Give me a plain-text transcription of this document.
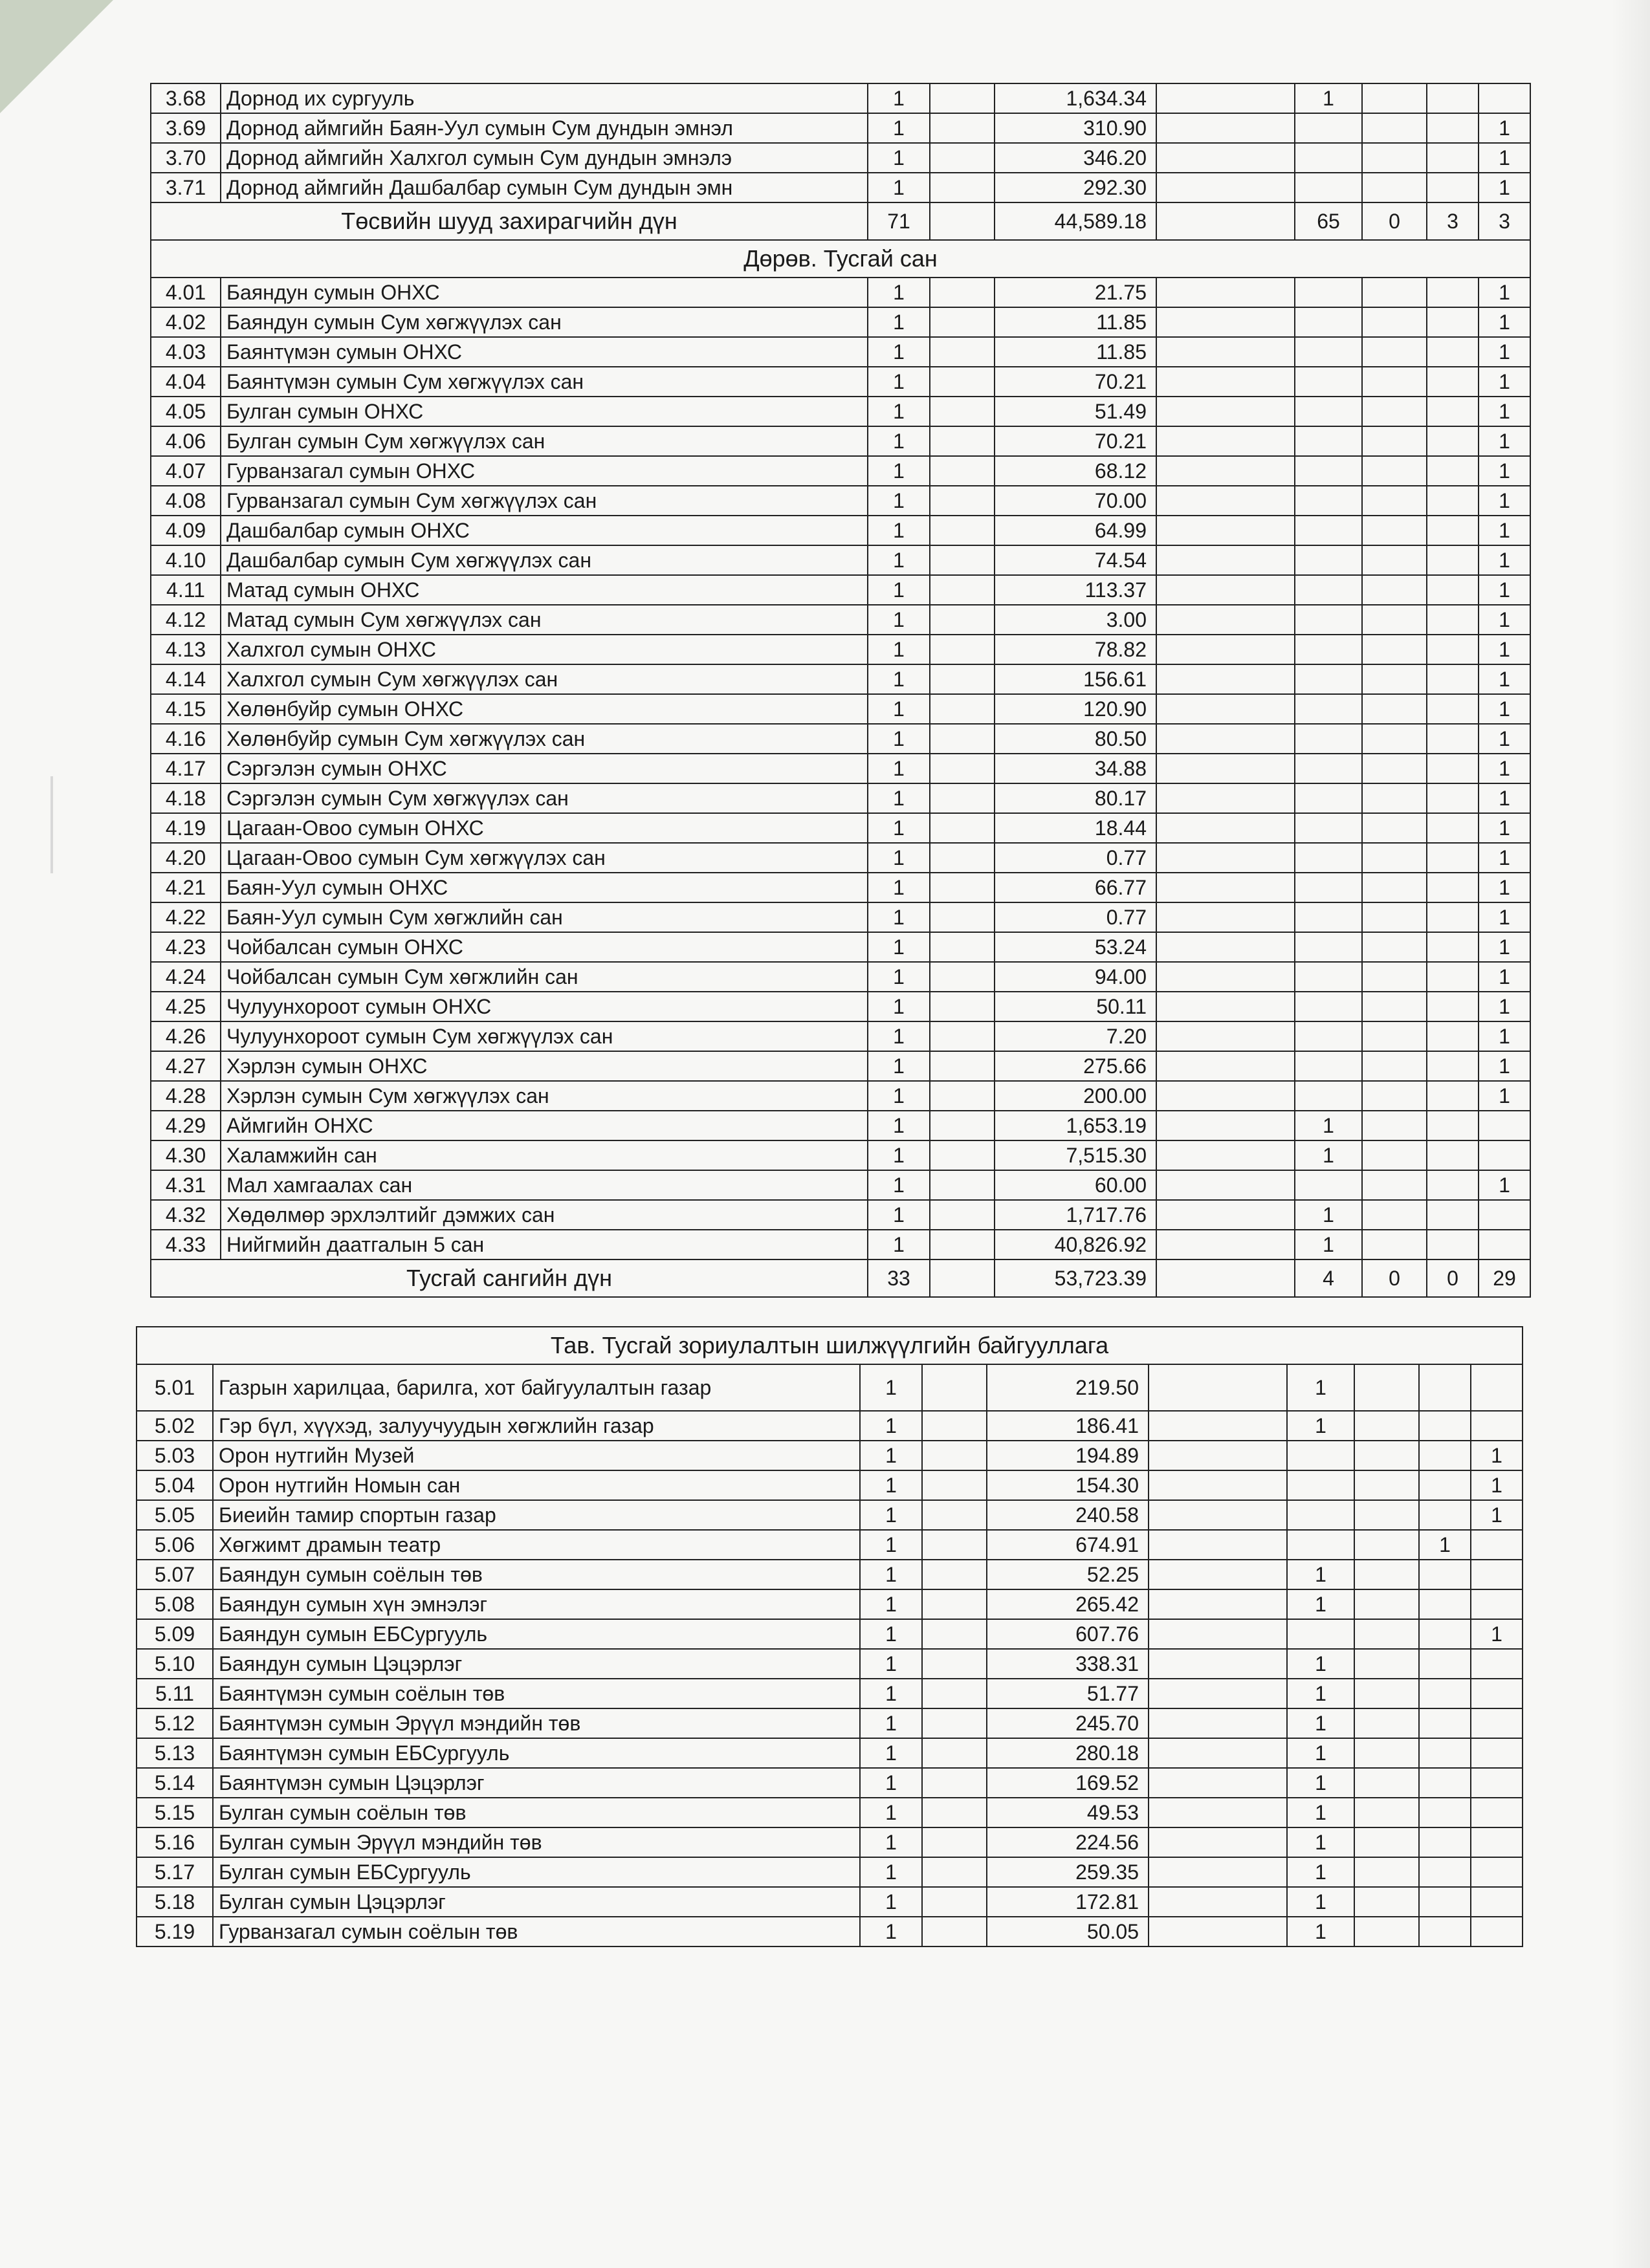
3.68	Дорнод их сургууль	1		1,634.34		1			
3.69	Дорнод аймгийн Баян-Уул сумын Сум дундын эмнэл	1		310.90					1
3.70	Дорнод аймгийн Халхгол сумын Сум дундын эмнэлэ	1		346.20					1
3.71	Дорнод аймгийн Дашбалбар сумын Сум дундын эмн	1		292.30					1
Төсвийн шууд захирагчийн дүн		71		44,589.18		65	0	3	3
Дөрөв. Тусгай сан									
4.01	Баяндун сумын ОНХС	1		21.75					1
4.02	Баяндун сумын Сум хөгжүүлэх сан	1		11.85					1
4.03	Баянтүмэн сумын ОНХС	1		11.85					1
4.04	Баянтүмэн сумын Сум хөгжүүлэх сан	1		70.21					1
4.05	Булган сумын ОНХС	1		51.49					1
4.06	Булган сумын Сум хөгжүүлэх сан	1		70.21					1
4.07	Гурванзагал сумын ОНХС	1		68.12					1
4.08	Гурванзагал сумын Сум хөгжүүлэх сан	1		70.00					1
4.09	Дашбалбар сумын ОНХС	1		64.99					1
4.10	Дашбалбар сумын Сум хөгжүүлэх сан	1		74.54					1
4.11	Матад сумын ОНХС	1		113.37					1
4.12	Матад сумын Сум хөгжүүлэх сан	1		3.00					1
4.13	Халхгол сумын ОНХС	1		78.82					1
4.14	Халхгол сумын Сум хөгжүүлэх сан	1		156.61					1
4.15	Хөлөнбуйр сумын ОНХС	1		120.90					1
4.16	Хөлөнбуйр сумын Сум хөгжүүлэх сан	1		80.50					1
4.17	Сэргэлэн сумын ОНХС	1		34.88					1
4.18	Сэргэлэн сумын Сум хөгжүүлэх сан	1		80.17					1
4.19	Цагаан-Овоо сумын ОНХС	1		18.44					1
4.20	Цагаан-Овоо сумын Сум хөгжүүлэх сан	1		0.77					1
4.21	Баян-Уул сумын ОНХС	1		66.77					1
4.22	Баян-Уул сумын Сум хөгжлийн сан	1		0.77					1
4.23	Чойбалсан сумын ОНХС	1		53.24					1
4.24	Чойбалсан сумын Сум хөгжлийн сан	1		94.00					1
4.25	Чулуунхороот сумын ОНХС	1		50.11					1
4.26	Чулуунхороот сумын Сум хөгжүүлэх сан	1		7.20					1
4.27	Хэрлэн сумын ОНХС	1		275.66					1
4.28	Хэрлэн сумын Сум хөгжүүлэх сан	1		200.00					1
4.29	Аймгийн ОНХС	1		1,653.19		1			
4.30	Халамжийн сан	1		7,515.30		1			
4.31	Мал хамгаалах сан	1		60.00					1
4.32	Хөдөлмөр эрхлэлтийг дэмжих сан	1		1,717.76		1			
4.33	Нийгмийн даатгалын 5 сан	1		40,826.92		1			
Тусгай сангийн дүн		33		53,723.39		4	0	0	29
Тав. Тусгай зориулалтын шилжүүлгийн байгууллага									
5.01	Газрын харилцаа, барилга, хот байгуулалтын газар	1		219.50		1			
5.02	Гэр бүл, хүүхэд, залуучуудын хөгжлийн газар	1		186.41		1			
5.03	Орон нутгийн Музей	1		194.89					1
5.04	Орон нутгийн Номын сан	1		154.30					1
5.05	Биеийн тамир спортын газар	1		240.58					1
5.06	Хөгжимт драмын театр	1		674.91				1	
5.07	Баяндун сумын соёлын төв	1		52.25		1			
5.08	Баяндун сумын хүн эмнэлэг	1		265.42		1			
5.09	Баяндун сумын ЕБСургууль	1		607.76					1
5.10	Баяндун сумын Цэцэрлэг	1		338.31		1			
5.11	Баянтүмэн сумын соёлын төв	1		51.77		1			
5.12	Баянтүмэн сумын Эрүүл мэндийн төв	1		245.70		1			
5.13	Баянтүмэн сумын ЕБСургууль	1		280.18		1			
5.14	Баянтүмэн сумын Цэцэрлэг	1		169.52		1			
5.15	Булган сумын соёлын төв	1		49.53		1			
5.16	Булган сумын Эрүүл мэндийн төв	1		224.56		1			
5.17	Булган сумын ЕБСургууль	1		259.35		1			
5.18	Булган сумын Цэцэрлэг	1		172.81		1			
5.19	Гурванзагал сумын соёлын төв	1		50.05		1			
